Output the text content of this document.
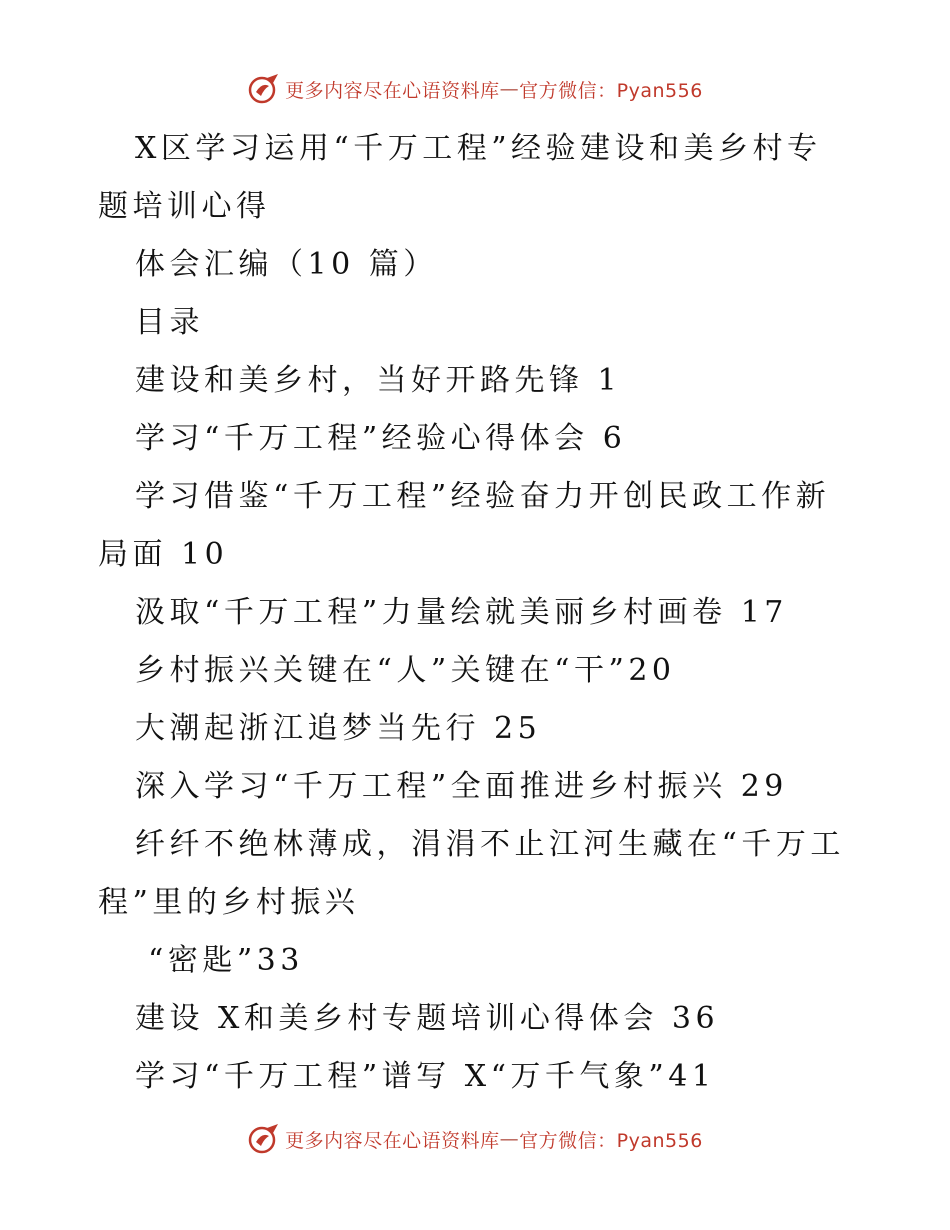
更多内容尽在心语资料库 — 官方微信：Pyan556
X区学习运用“千万工程”经验建设和美乡村专
题培训心得
体会汇编（10 篇）
目录
建设和美乡村，当好开路先锋 1
学习“千万工程”经验心得体会 6
学习借鉴“千万工程”经验奋力开创民政工作新
局面 10
汲取“千万工程”力量绘就美丽乡村画卷 17
乡村振兴关键在“人”关键在“干”20
大潮起浙江追梦当先行 25
深入学习“千万工程”全面推进乡村振兴 29
纤纤不绝林薄成，涓涓不止江河生藏在“千万工
程”里的乡村振兴
“密匙”33
建设 X和美乡村专题培训心得体会 36
学习“千万工程”谱写 X“万千气象”41
更多内容尽在心语资料库 — 官方微信：Pyan556
